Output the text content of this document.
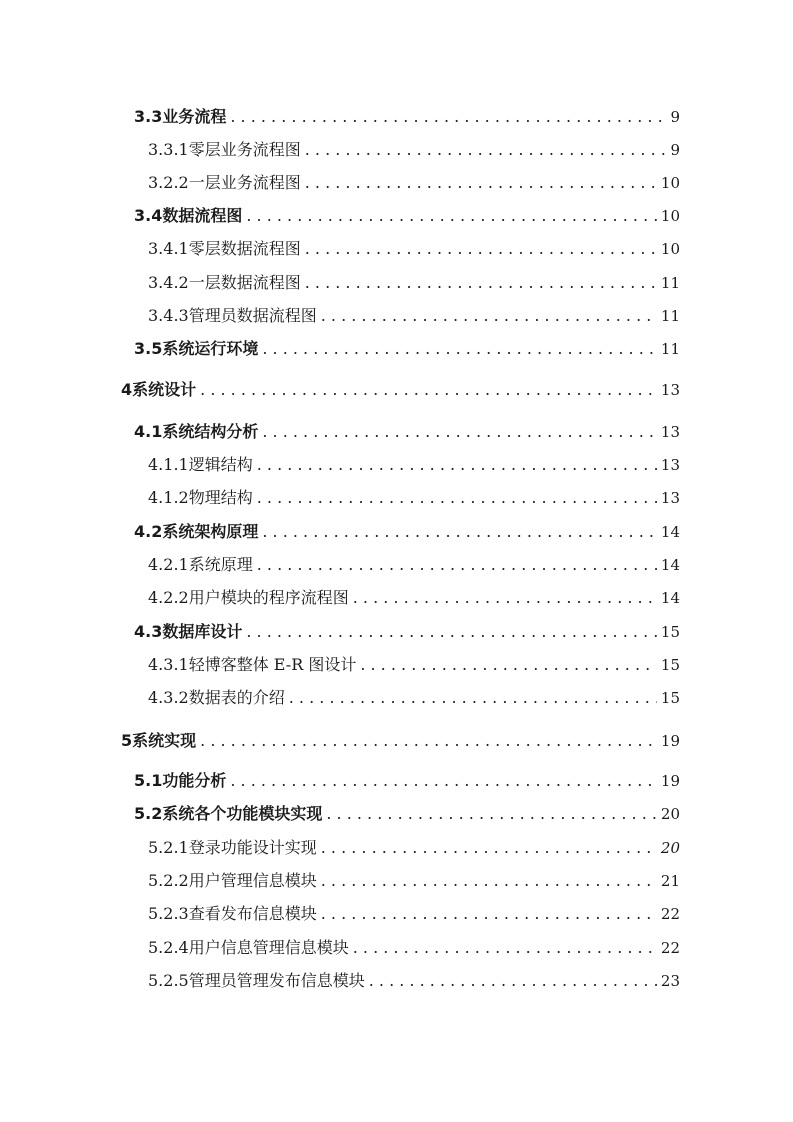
3.3 业务流程 . . .	9
3.3.1 零层业务流程图 . . .	9
3.2.2 一层业务流程图 . . .	10
3.4 数据流程图 . . .	10
3.4.1 零层数据流程图 . . .	10
3.4.2 一层数据流程图 . . .	11
3.4.3 管理员数据流程图 . . .	11
3.5 系统运行环境 . . .	11
4 系统设计 . . .	13
4.1 系统结构分析 . . .	13
4.1.1 逻辑结构 . . .	13
4.1.2 物理结构 . . .	13
4.2 系统架构原理 . . .	14
4.2.1 系统原理 . . .	14
4.2.2 用户模块的程序流程图 . . .	14
4.3 数据库设计 . . .	15
4.3.1 轻博客整体 E-R 图设计 . . .	15
4.3.2 数据表的介绍 . . .	15
5 系统实现 . . .	19
5.1 功能分析 . . .	19
5.2 系统各个功能模块实现 . . .	20
5.2.1 登录功能设计实现 . . .	20
5.2.2 用户管理信息模块 . . .	21
5.2.3 查看发布信息模块 . . .	22
5.2.4 用户信息管理信息模块 . . .	22
5.2.5 管理员管理发布信息模块 . . .	23
